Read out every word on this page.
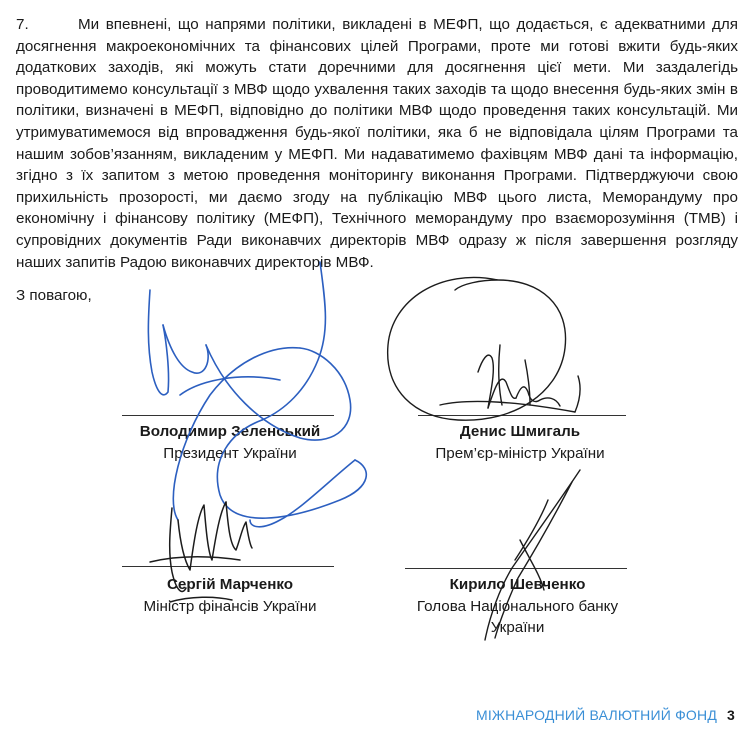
7.	Ми впевнені, що напрями політики, викладені в МЕФП, що додається, є адекватними для досягнення макроекономічних та фінансових цілей Програми, проте ми готові вжити будь-яких додаткових заходів, які можуть стати доречними для досягнення цієї мети. Ми заздалегідь проводитимемо консультації з МВФ щодо ухвалення таких заходів та щодо внесення будь-яких змін в політики, визначені в МЕФП, відповідно до політики МВФ щодо проведення таких консультацій. Ми утримуватимемося від впровадження будь-якої політики, яка б не відповідала цілям Програми та нашим зобов’язанням, викладеним у МЕФП. Ми надаватимемо фахівцям МВФ дані та інформацію, згідно з їх запитом з метою проведення моніторингу виконання Програми. Підтверджуючи свою прихильність прозорості, ми даємо згоду на публікацію МВФ цього листа, Меморандуму про економічну і фінансову політику (МЕФП), Технічного меморандуму про взаєморозуміння (ТМВ) і супровідних документів Ради виконавчих директорів МВФ одразу ж після завершення розгляду наших запитів Радою виконавчих директорів МВФ.

З повагою,

Володимир Зеленський
Президент України
Денис Шмигаль
Прем’єр-міністр України
Сергій Марченко
Міністр фінансів України
Кирило Шевченко
Голова Національного банку України
МІЖНАРОДНИЙ ВАЛЮТНИЙ ФОНД 3
